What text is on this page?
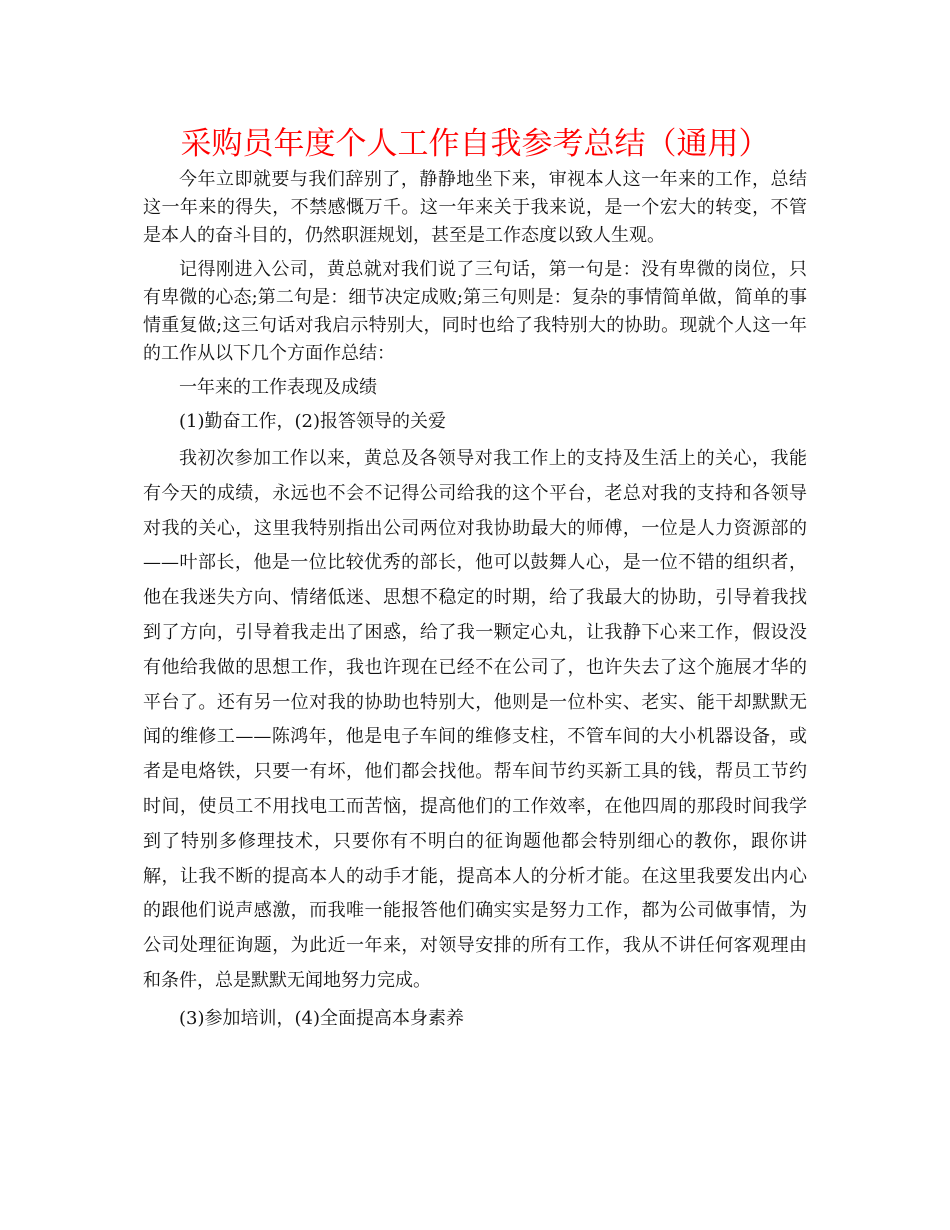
采购员年度个人工作自我参考总结（通用）

今年立即就要与我们辞别了，静静地坐下来，审视本人这一年来的工作，总结这一年来的得失，不禁感慨万千。这一年来关于我来说，是一个宏大的转变，不管是本人的奋斗目的，仍然职涯规划，甚至是工作态度以致人生观。

记得刚进入公司，黄总就对我们说了三句话，第一句是：没有卑微的岗位，只有卑微的心态;第二句是：细节决定成败;第三句则是：复杂的事情简单做，简单的事情重复做;这三句话对我启示特别大，同时也给了我特别大的协助。现就个人这一年的工作从以下几个方面作总结：

一年来的工作表现及成绩

(1)勤奋工作，(2)报答领导的关爱

我初次参加工作以来，黄总及各领导对我工作上的支持及生活上的关心，我能有今天的成绩，永远也不会不记得公司给我的这个平台，老总对我的支持和各领导对我的关心，这里我特别指出公司两位对我协助最大的师傅，一位是人力资源部的——叶部长，他是一位比较优秀的部长，他可以鼓舞人心，是一位不错的组织者，他在我迷失方向、情绪低迷、思想不稳定的时期，给了我最大的协助，引导着我找到了方向，引导着我走出了困惑，给了我一颗定心丸，让我静下心来工作，假设没有他给我做的思想工作，我也许现在已经不在公司了，也许失去了这个施展才华的平台了。还有另一位对我的协助也特别大，他则是一位朴实、老实、能干却默默无闻的维修工——陈鸿年，他是电子车间的维修支柱，不管车间的大小机器设备，或者是电烙铁，只要一有坏，他们都会找他。帮车间节约买新工具的钱，帮员工节约时间，使员工不用找电工而苦恼，提高他们的工作效率，在他四周的那段时间我学到了特别多修理技术，只要你有不明白的征询题他都会特别细心的教你，跟你讲解，让我不断的提高本人的动手才能，提高本人的分析才能。在这里我要发出内心的跟他们说声感激，而我唯一能报答他们确实实是努力工作，都为公司做事情，为公司处理征询题，为此近一年来，对领导安排的所有工作，我从不讲任何客观理由和条件，总是默默无闻地努力完成。

(3)参加培训，(4)全面提高本身素养
